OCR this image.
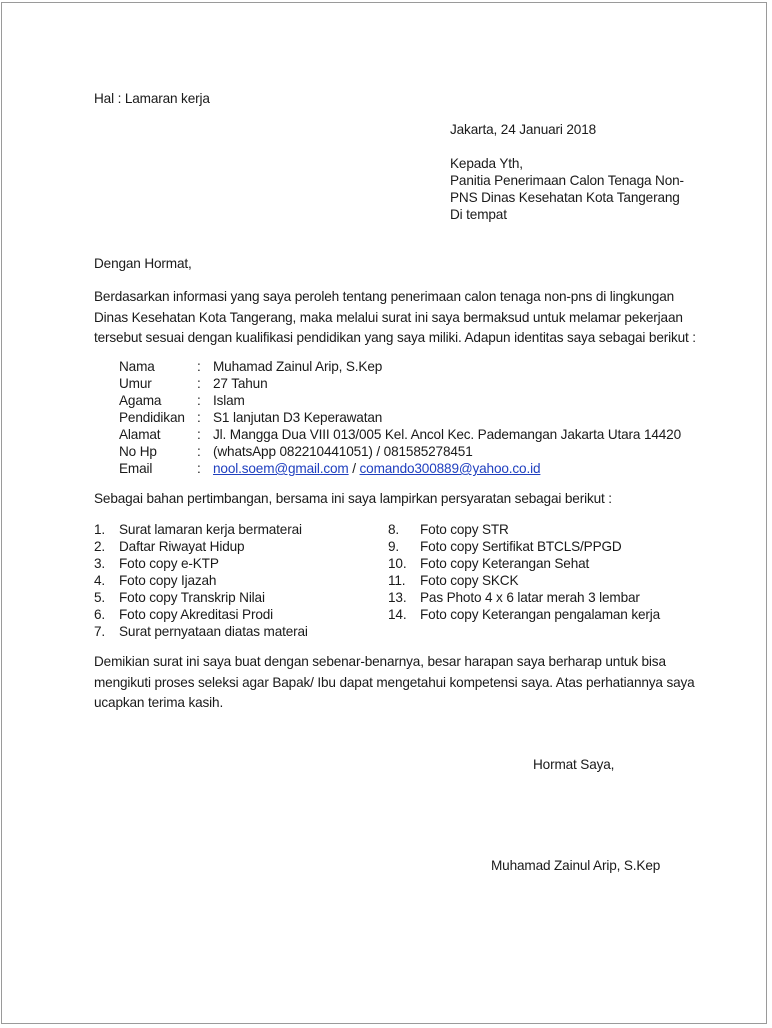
Hal : Lamaran kerja
Jakarta, 24 Januari 2018
Kepada Yth,
Panitia Penerimaan Calon Tenaga Non-
PNS Dinas Kesehatan Kota Tangerang
Di tempat
Dengan Hormat,
Berdasarkan informasi yang saya peroleh tentang penerimaan calon tenaga non-pns di lingkungan
Dinas Kesehatan Kota Tangerang, maka melalui surat ini saya bermaksud untuk melamar pekerjaan
tersebut sesuai dengan kualifikasi pendidikan yang saya miliki. Adapun identitas saya sebagai berikut :
Nama	: Muhamad Zainul Arip, S.Kep
Umur	: 27 Tahun
Agama	: Islam
Pendidikan : S1 lanjutan D3 Keperawatan
Alamat	: Jl. Mangga Dua VIII 013/005 Kel. Ancol Kec. Pademangan Jakarta Utara 14420
No Hp	: (whatsApp 082210441051) / 081585278451
Email	: nool.soem@gmail.com / comando300889@yahoo.co.id
Sebagai bahan pertimbangan, bersama ini saya lampirkan persyaratan sebagai berikut :
1. Surat lamaran kerja bermaterai
2. Daftar Riwayat Hidup
3. Foto copy e-KTP
4. Foto copy Ijazah
5. Foto copy Transkrip Nilai
6. Foto copy Akreditasi Prodi
7. Surat pernyataan diatas materai
8. Foto copy STR
9. Foto copy Sertifikat BTCLS/PPGD
10. Foto copy Keterangan Sehat
11. Foto copy SKCK
13. Pas Photo 4 x 6 latar merah 3 lembar
14. Foto copy Keterangan pengalaman kerja
Demikian surat ini saya buat dengan sebenar-benarnya, besar harapan saya berharap untuk bisa
mengikuti proses seleksi agar Bapak/ Ibu dapat mengetahui kompetensi saya. Atas perhatiannya saya
ucapkan terima kasih.
Hormat Saya,
Muhamad Zainul Arip, S.Kep
